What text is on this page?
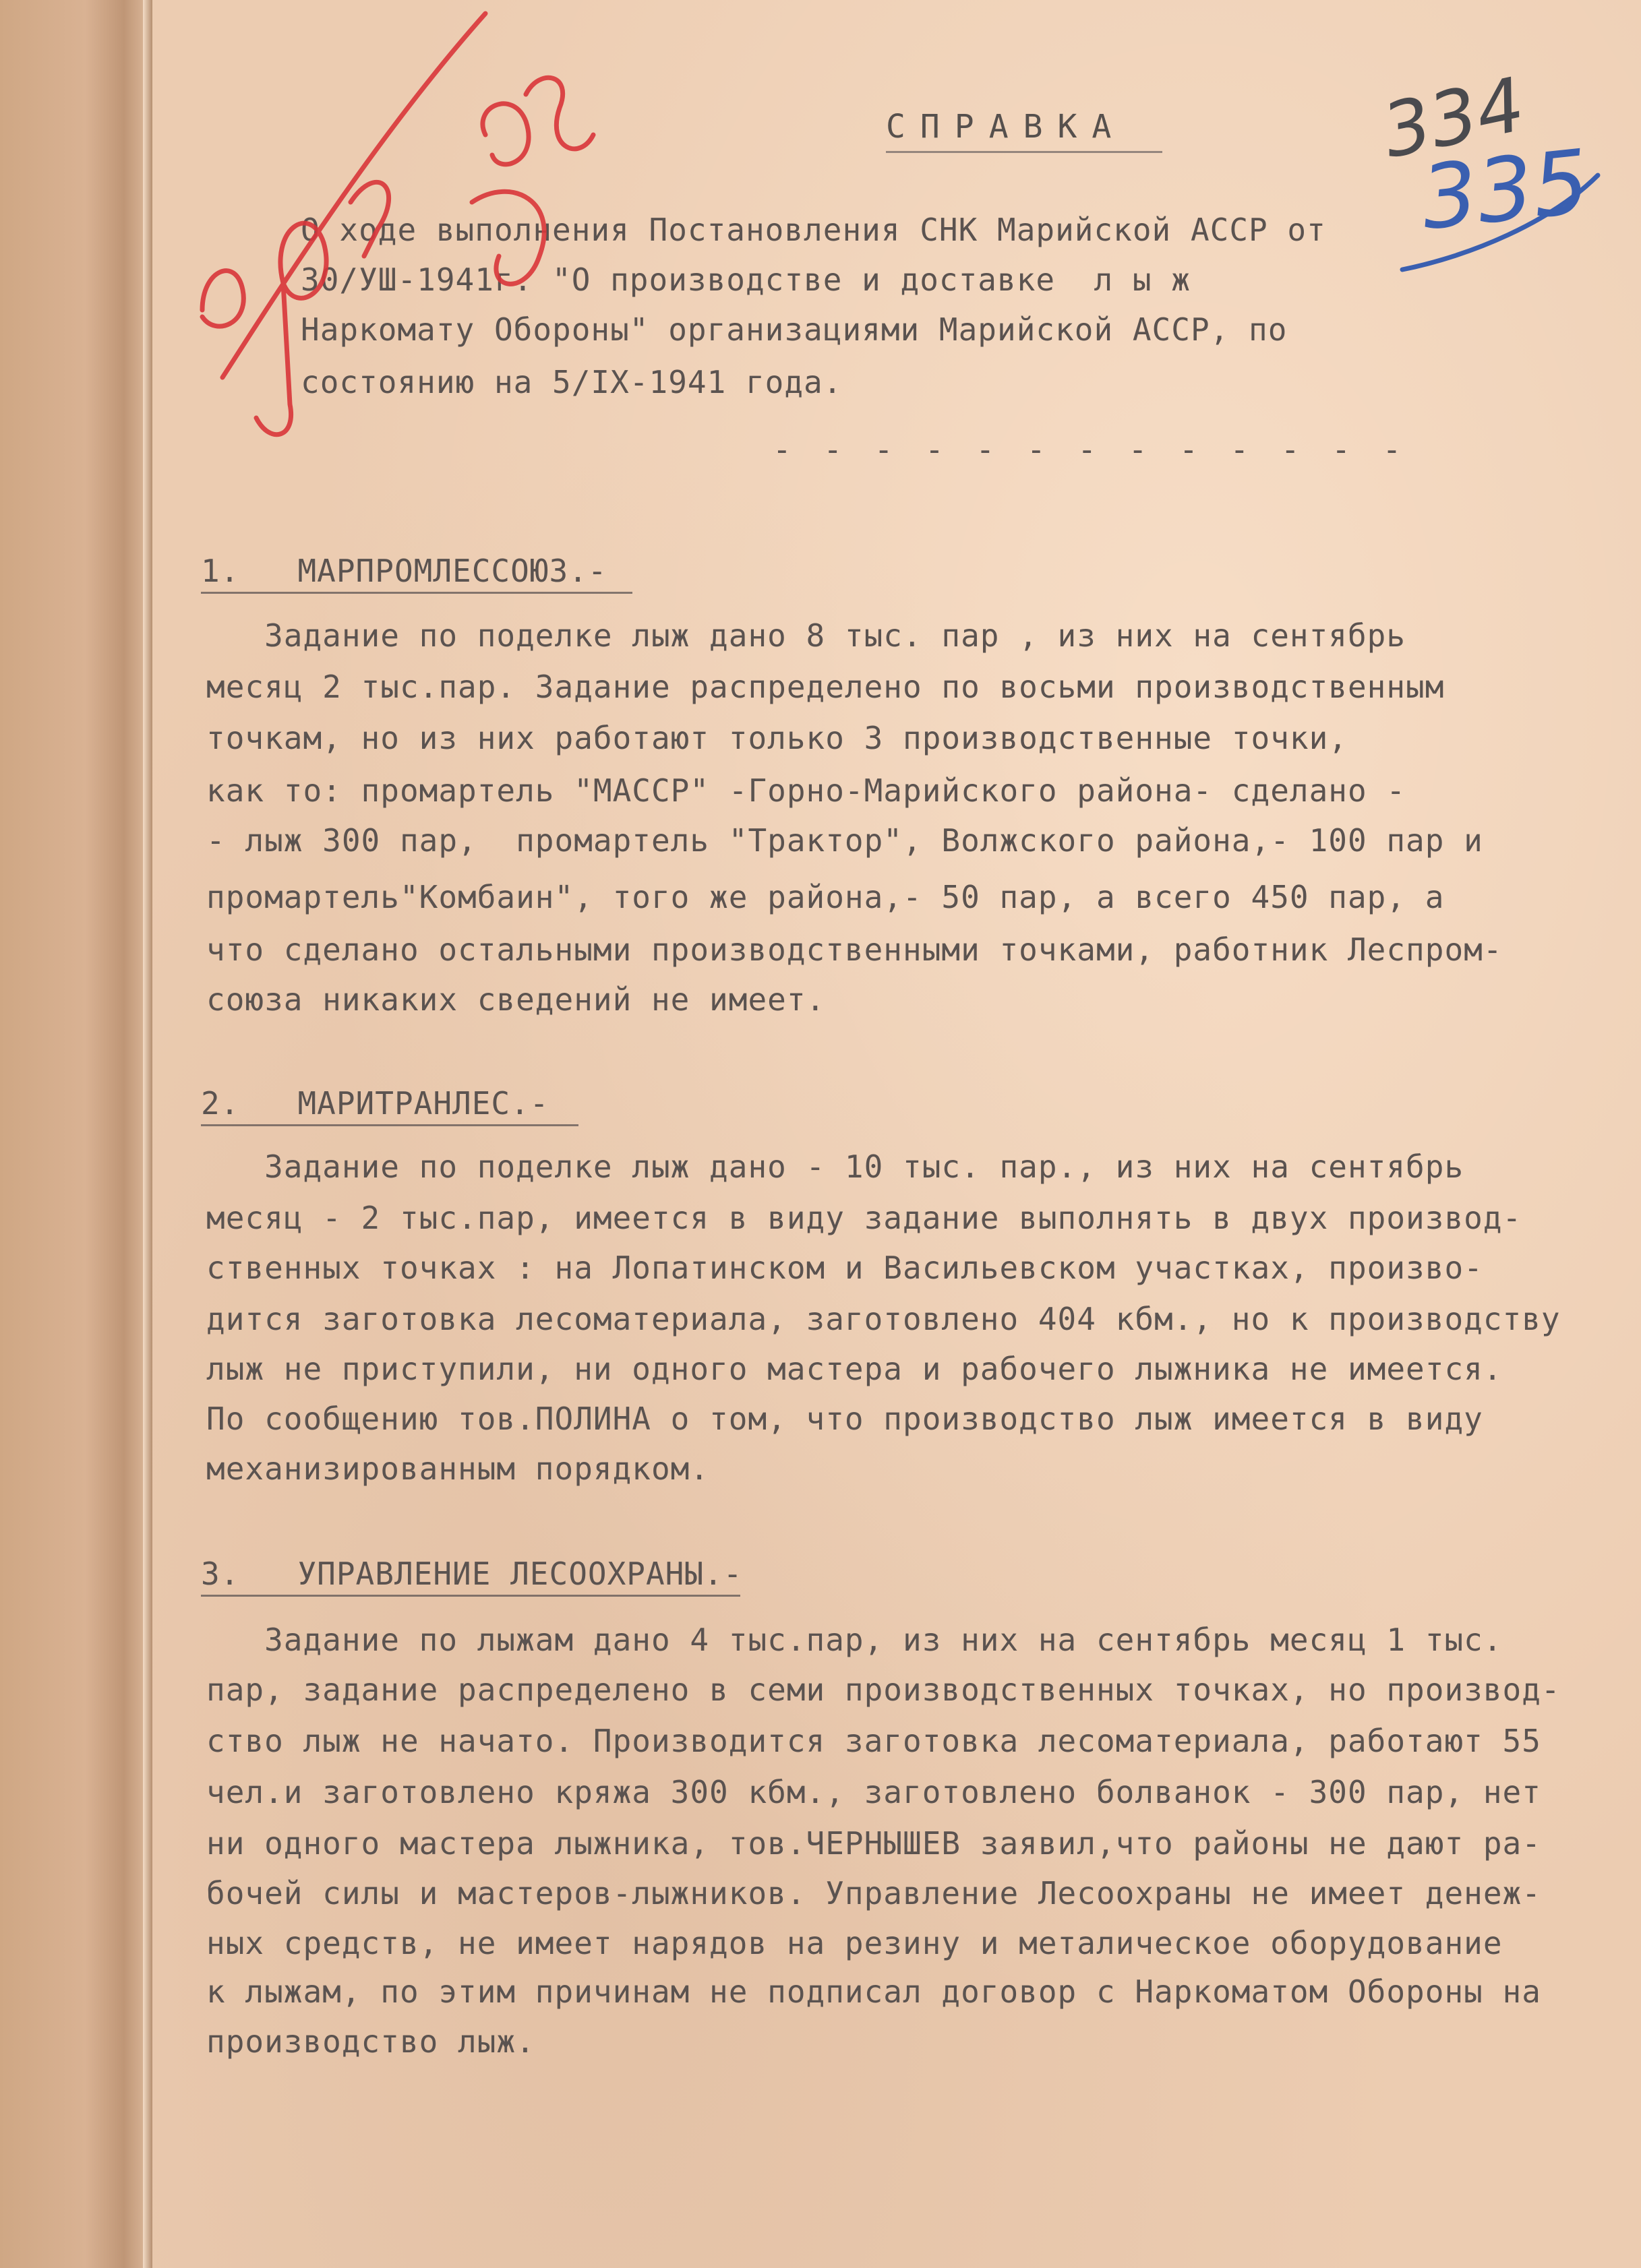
СПРАВКА
О ходе выполнения Постановления СНК Марийской АССР от
30/УШ-1941г. "О производстве и доставке  л ы ж
Наркомату Обороны" организациями Марийской АССР, по
состоянию на 5/IX-1941 года.
- - - - - - - - - - - - -
1.   МАРПРОМЛЕССОЮЗ.-
Задание по поделке лыж дано 8 тыс. пар , из них на сентябрь
месяц 2 тыс.пар. Задание распределено по восьми производственным
точкам, но из них работают только 3 производственные точки,
как то: промартель "МАССР" -Горно-Марийского района- сделано -
- лыж 300 пар,  промартель "Трактор", Волжского района,- 100 пар и
промартель"Комбаин", того же района,- 50 пар, а всего 450 пар, а
что сделано остальными производственными точками, работник Леспром-
союза никаких сведений не имеет.
2.   МАРИТРАНЛЕС.-
Задание по поделке лыж дано - 10 тыс. пар., из них на сентябрь
месяц - 2 тыс.пар, имеется в виду задание выполнять в двух производ-
ственных точках : на Лопатинском и Васильевском участках, произво-
дится заготовка лесоматериала, заготовлено 404 кбм., но к производству
лыж не приступили, ни одного мастера и рабочего лыжника не имеется.
По сообщению тов.ПОЛИНА о том, что производство лыж имеется в виду
механизированным порядком.
3.   УПРАВЛЕНИЕ ЛЕСООХРАНЫ.-
Задание по лыжам дано 4 тыс.пар, из них на сентябрь месяц 1 тыс.
пар, задание распределено в семи производственных точках, но производ-
ство лыж не начато. Производится заготовка лесоматериала, работают 55
чел.и заготовлено кряжа 300 кбм., заготовлено болванок - 300 пар, нет
ни одного мастера лыжника, тов.ЧЕРНЫШЕВ заявил,что районы не дают ра-
бочей силы и мастеров-лыжников. Управление Лесоохраны не имеет денеж-
ных средств, не имеет нарядов на резину и металическое оборудование
к лыжам, по этим причинам не подписал договор с Наркоматом Обороны на
производство лыж.
334
335
